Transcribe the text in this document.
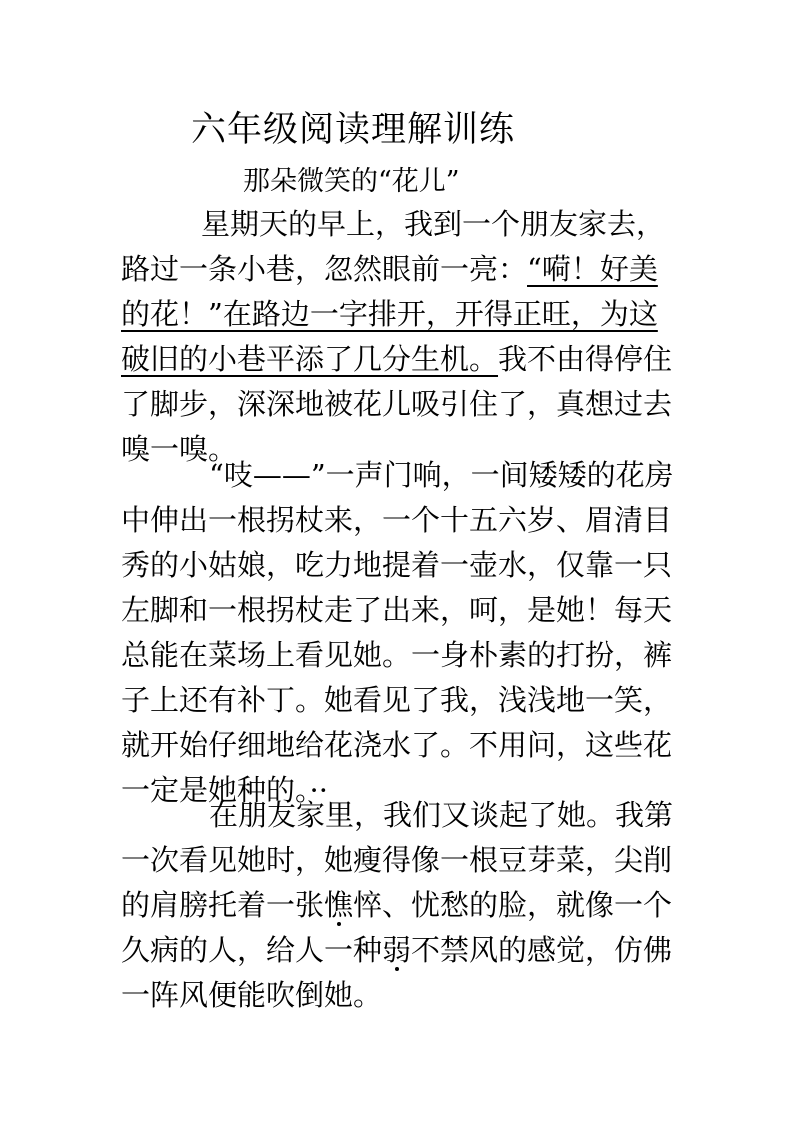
六年级阅读理解训练
那朵微笑的“花儿”
星期天的早上，我到一个朋友家去，
路过一条小巷，忽然眼前一亮：“嗬！好美
的花！”在路边一字排开，开得正旺，为这
破旧的小巷平添了几分生机。我不由得停住
了脚步，深深地被花儿吸引住了，真想过去
嗅一嗅。
“吱——”一声门响，一间矮矮的花房
中伸出一根拐杖来，一个十五六岁、眉清目
秀的小姑娘，吃力地提着一壶水，仅靠一只
左脚和一根拐杖走了出来，呵，是她！每天
总能在菜场上看见她。一身朴素的打扮，裤
子上还有补丁。她看见了我，浅浅地一笑，
就开始仔细地给花浇水了。不用问，这些花
一定是她种的。··
在朋友家里，我们又谈起了她。我第
一次看见她时，她瘦得像一根豆芽菜，尖削
的肩膀托着一张憔悴、忧愁的脸，就像一个
久病的人，给人一种弱不禁风的感觉，仿佛
一阵风便能吹倒她。
